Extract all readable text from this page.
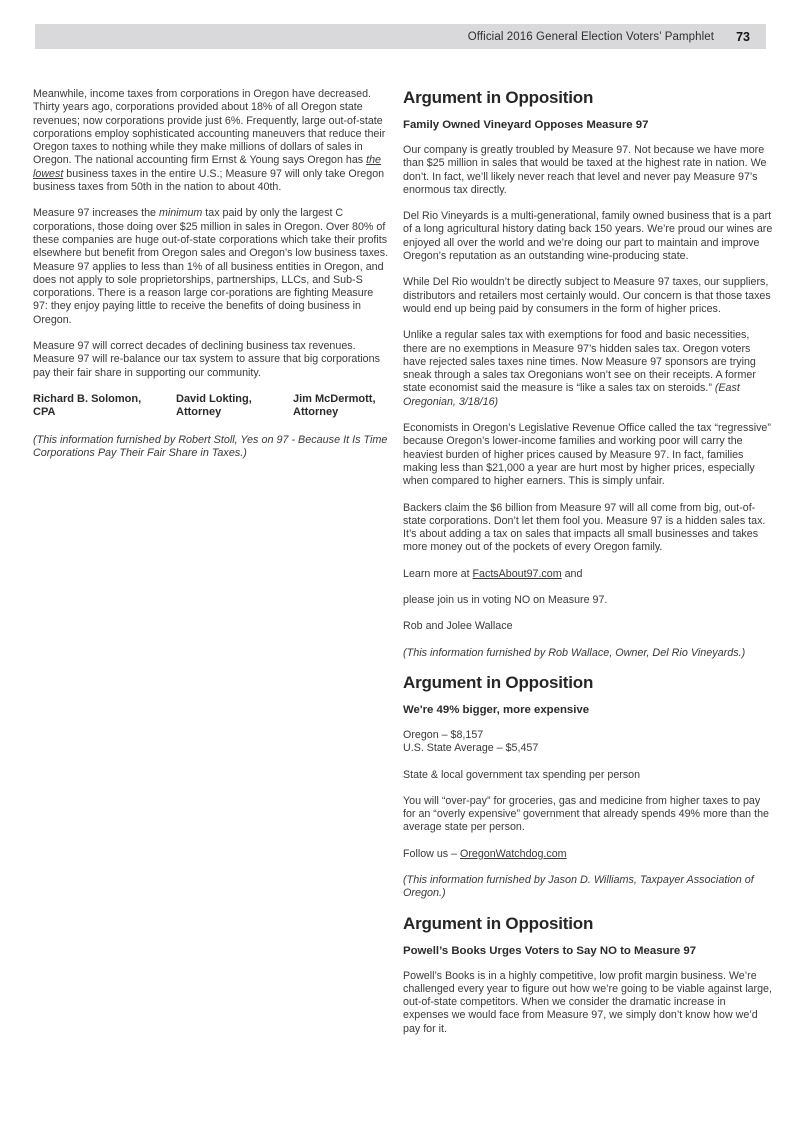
Official 2016 General Election Voters’ Pamphlet 73

Meanwhile, income taxes from corporations in Oregon have decreased. Thirty years ago, corporations provided about 18% of all Oregon state revenues; now corporations provide just 6%. Frequently, large out-of-state corporations employ sophisticated accounting maneuvers that reduce their Oregon taxes to nothing while they make millions of dollars of sales in Oregon. The national accounting firm Ernst & Young says Oregon has the lowest business taxes in the entire U.S.; Measure 97 will only take Oregon business taxes from 50th in the nation to about 40th.

Measure 97 increases the minimum tax paid by only the largest C corporations, those doing over $25 million in sales in Oregon. Over 80% of these companies are huge out-of-state corporations which take their profits elsewhere but benefit from Oregon sales and Oregon’s low business taxes. Measure 97 applies to less than 1% of all business entities in Oregon, and does not apply to sole proprietorships, partnerships, LLCs, and Sub-S corporations. There is a reason large cor-porations are fighting Measure 97: they enjoy paying little to receive the benefits of doing business in Oregon.

Measure 97 will correct decades of declining business tax revenues. Measure 97 will re-balance our tax system to assure that big corporations pay their fair share in supporting our community.

Richard B. Solomon,
CPA
David Lokting,
Attorney
Jim McDermott,
Attorney

(This information furnished by Robert Stoll, Yes on 97 - Because It Is Time Corporations Pay Their Fair Share in Taxes.)

Argument in Opposition
Family Owned Vineyard Opposes Measure 97

Our company is greatly troubled by Measure 97. Not because we have more than $25 million in sales that would be taxed at the highest rate in nation. We don’t. In fact, we’ll likely never reach that level and never pay Measure 97’s enormous tax directly.

Del Rio Vineyards is a multi-generational, family owned business that is a part of a long agricultural history dating back 150 years. We’re proud our wines are enjoyed all over the world and we’re doing our part to maintain and improve Oregon’s reputation as an outstanding wine-producing state.

While Del Rio wouldn’t be directly subject to Measure 97 taxes, our suppliers, distributors and retailers most certainly would. Our concern is that those taxes would end up being paid by consumers in the form of higher prices.

Unlike a regular sales tax with exemptions for food and basic necessities, there are no exemptions in Measure 97’s hidden sales tax. Oregon voters have rejected sales taxes nine times. Now Measure 97 sponsors are trying sneak through a sales tax Oregonians won’t see on their receipts. A former state economist said the measure is “like a sales tax on steroids.” (East Oregonian, 3/18/16)

Economists in Oregon’s Legislative Revenue Office called the tax “regressive” because Oregon’s lower-income families and working poor will carry the heaviest burden of higher prices caused by Measure 97. In fact, families making less than $21,000 a year are hurt most by higher prices, especially when compared to higher earners. This is simply unfair.

Backers claim the $6 billion from Measure 97 will all come from big, out-of-state corporations. Don’t let them fool you. Measure 97 is a hidden sales tax. It’s about adding a tax on sales that impacts all small businesses and takes more money out of the pockets of every Oregon family.

Learn more at FactsAbout97.com and

please join us in voting NO on Measure 97.

Rob and Jolee Wallace

(This information furnished by Rob Wallace, Owner, Del Rio Vineyards.)

Argument in Opposition
We're 49% bigger, more expensive
Oregon – $8,157
U.S. State Average – $5,457

State & local government tax spending per person

You will “over-pay” for groceries, gas and medicine from higher taxes to pay for an “overly expensive” government that already spends 49% more than the average state per person.

Follow us – OregonWatchdog.com

(This information furnished by Jason D. Williams, Taxpayer Association of Oregon.)

Argument in Opposition
Powell’s Books Urges Voters to Say NO to Measure 97

Powell’s Books is in a highly competitive, low profit margin business. We’re challenged every year to figure out how we’re going to be viable against large, out-of-state competitors. When we consider the dramatic increase in expenses we would face from Measure 97, we simply don’t know how we’d pay for it.
